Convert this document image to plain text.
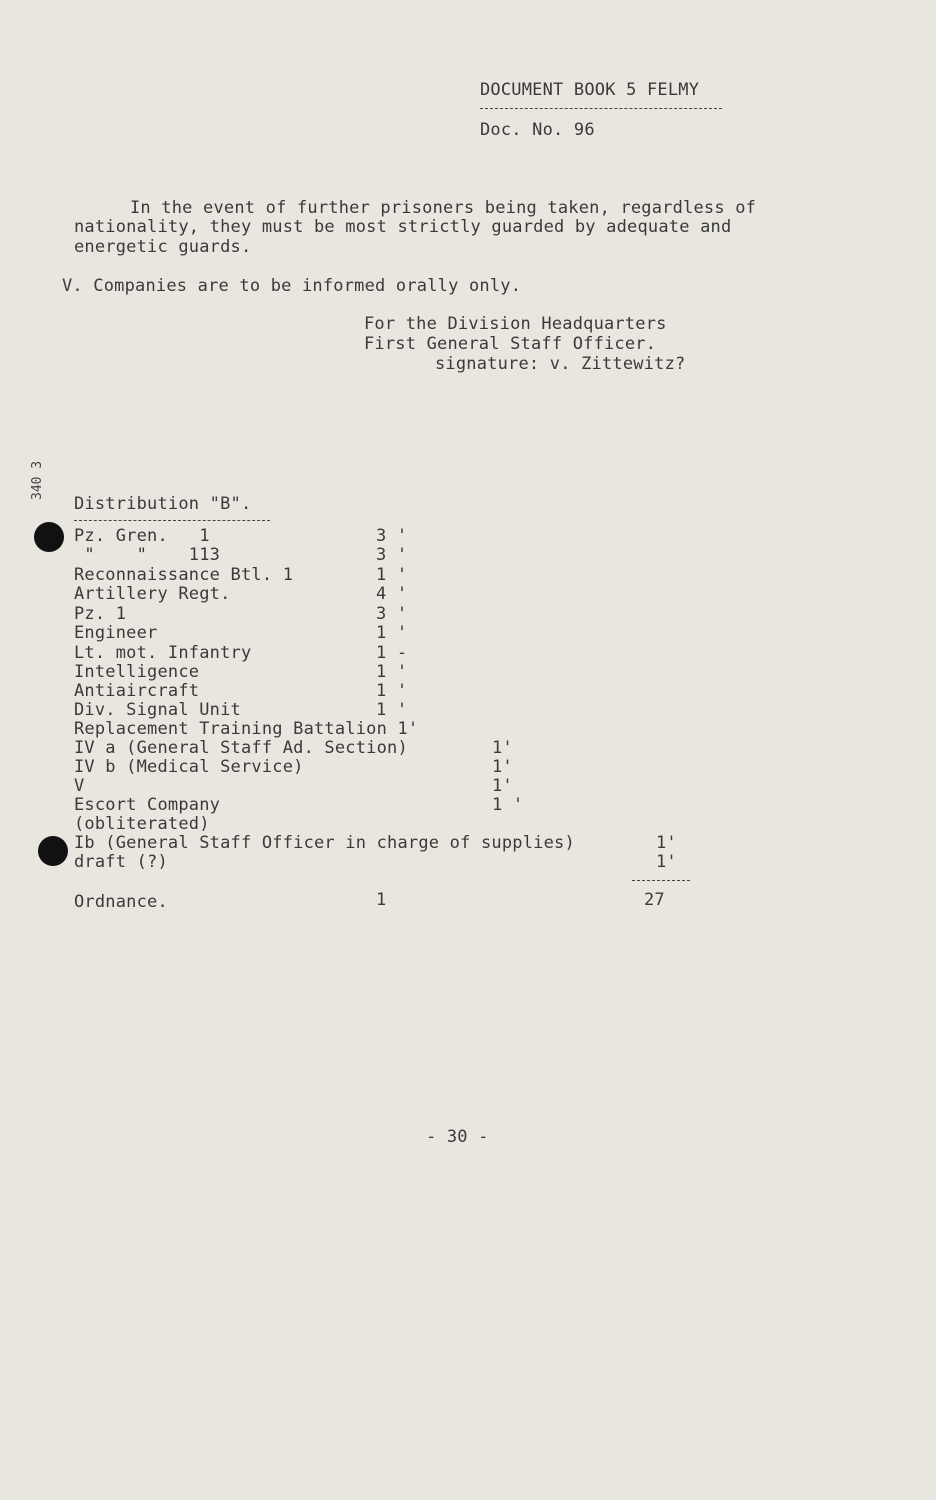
DOCUMENT BOOK 5 FELMY
Doc. No. 96
In the event of further prisoners being taken, regardless of
nationality, they must be most strictly guarded by adequate and
energetic guards.
V. Companies are to be informed orally only.
For the Division Headquarters
First General Staff Officer.
signature: v. Zittewitz?
340 3
Distribution "B".
Pz. Gren.   1	3 '
"    "    113	3 '
Reconnaissance Btl. 1	1 '
Artillery Regt.	4 '
Pz. 1	3 '
Engineer	1 '
Lt. mot. Infantry	1 -
Intelligence	1 '
Antiaircraft	1 '
Div. Signal Unit	1 '
Replacement Training Battalion 1'
IV a (General Staff Ad. Section)	1'
IV b (Medical Service)	1'
V	1'
Escort Company	1 '
(obliterated)
Ib (General Staff Officer in charge of supplies)	1'
draft (?)	1'
Ordnance.	1	27
- 30 -
